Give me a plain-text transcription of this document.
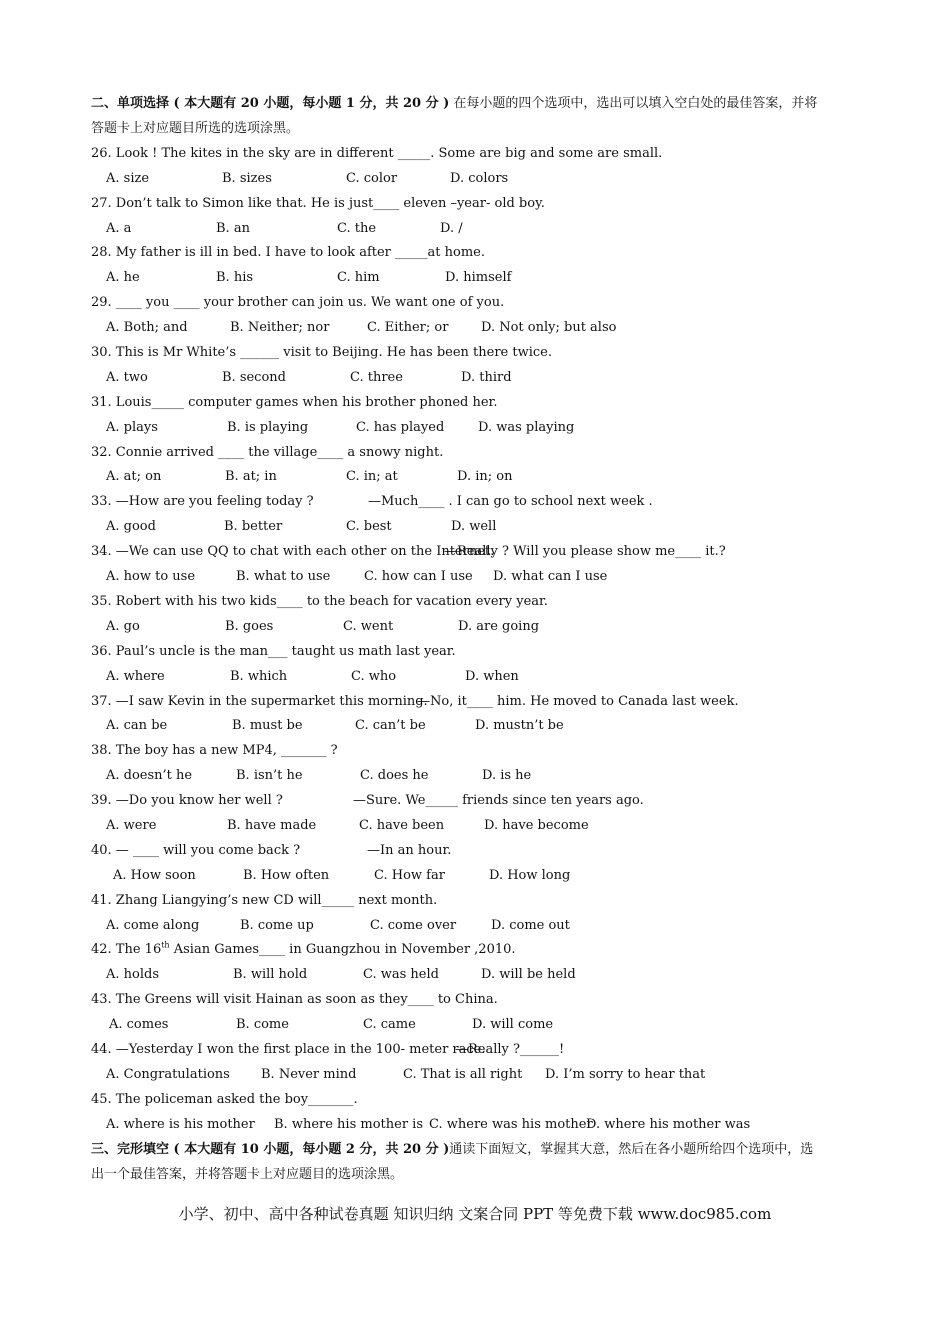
二、单项选择 ( 本大题有 20 小题，每小题 1 分，共 20 分 ) 在每小题的四个选项中，选出可以填入空白处的最佳答案，并将
答题卡上对应题目所选的选项涂黑。
26. Look ! The kites in the sky are in different _____. Some are big and some are small.
A. size	B. sizes	C. color	D. colors
27. Don’t talk to Simon like that. He is just____ eleven –year- old boy.
A. a	B. an	C. the	D. /
28. My father is ill in bed. I have to look after _____at home.
A. he	B. his	C. him	D. himself
29. ____ you ____ your brother can join us. We want one of you.
A. Both; and	B. Neither; nor	C. Either; or	D. Not only; but also
30. This is Mr White’s ______ visit to Beijing. He has been there twice.
A. two	B. second	C. three	D. third
31. Louis_____ computer games when his brother phoned her.
A. plays	B. is playing	C. has played	D. was playing
32. Connie arrived ____ the village____ a snowy night.
A. at; on	B. at; in	C. in; at	D. in; on
33. —How are you feeling today ?	—Much____ . I can go to school next week .
A. good	B. better	C. best	D. well
34. —We can use QQ to chat with each other on the Internet.
—Really ? Will you please show me____ it.?
A. how to use	B. what to use	C. how can I use D. what can I use
35. Robert with his two kids____ to the beach for vacation every year.
A. go	B. goes	C. went	D. are going
36. Paul’s uncle is the man___ taught us math last year.
A. where	B. which	C. who	D. when
37. —I saw Kevin in the supermarket this morning.
—No, it____ him. He moved to Canada last week.
A. can be	B. must be	C. can’t be	D. mustn’t be
38. The boy has a new MP4, _______ ?
A. doesn’t he	B. isn’t he	C. does he	D. is he
39. —Do you know her well ?	—Sure. We_____ friends since ten years ago.
A. were	B. have made	C. have been	D. have become
40. — ____ will you come back ?	—In an hour.
A. How soon	B. How often	C. How far	D. How long
41. Zhang Liangying’s new CD will_____ next month.
A. come along	B. come up	C. come over	D. come out
42. The 16th Asian Games____ in Guangzhou in November ,2010.
A. holds	B. will hold	C. was held	D. will be held
43. The Greens will visit Hainan as soon as they____ to China.
A. comes	B. come	C. came	D. will come
44. —Yesterday I won the first place in the 100- meter race.
—Really ?______!
A. Congratulations B. Never mind	C. That is all right D. I’m sorry to hear that
45. The policeman asked the boy_______.
A. where is his mother B. where his mother is C. where was his mother
D. where his mother was
三、完形填空 ( 本大题有 10 小题，每小题 2 分，共 20 分 )通读下面短文，掌握其大意，然后在各小题所给四个选项中，选
出一个最佳答案，并将答题卡上对应题目的选项涂黑。
小学、初中、高中各种试卷真题 知识归纳 文案合同 PPT 等免费下载 www.doc985.com
